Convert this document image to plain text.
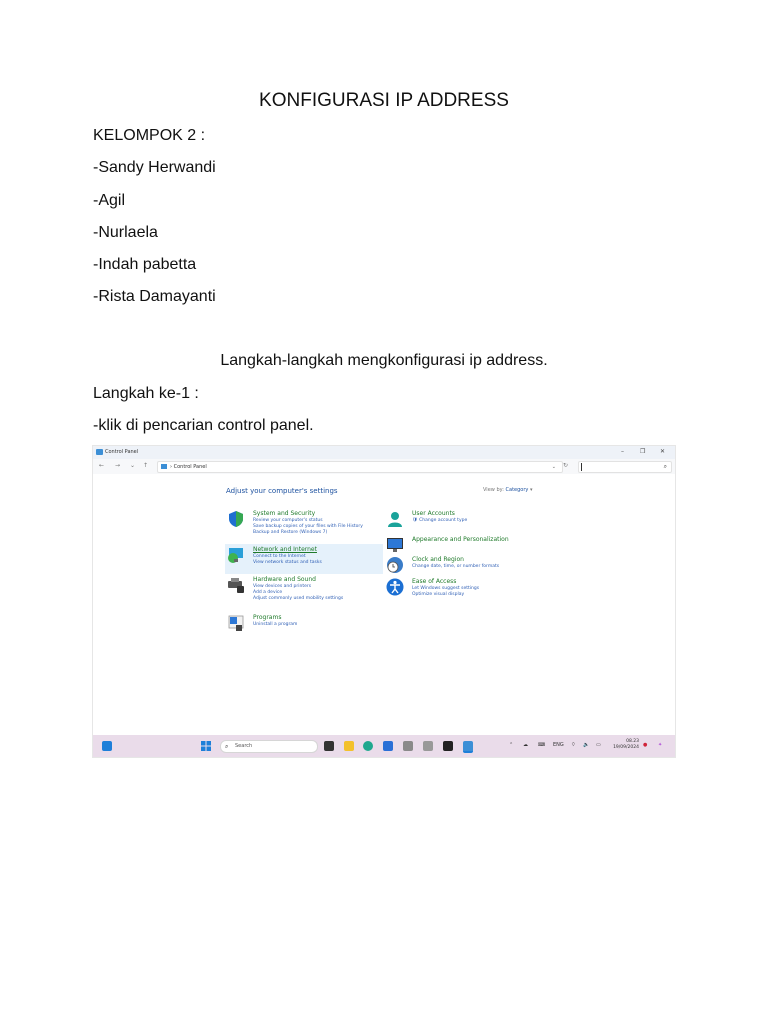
KONFIGURASI IP ADDRESS
KELOMPOK 2 :
-Sandy Herwandi
-Agil
-Nurlaela
-Indah pabetta
-Rista Damayanti
Langkah-langkah mengkonfigurasi ip address.
Langkah ke-1 :
-klik di pencarian control panel.
Control Panel	–	❐ ✕
← → ⌄ ↑	› Control Panel	⌄ ↻	⌕
Adjust your computer's settings	View by: Category ▾
System and Security
Review your computer's status
Save backup copies of your files with File History
Backup and Restore (Windows 7)
Network and Internet
Connect to the Internet
View network status and tasks
Hardware and Sound
View devices and printers
Add a device
Adjust commonly used mobility settings
Programs
Uninstall a program
User Accounts
🛡 Change account type
Appearance and Personalization
Clock and Region
Change date, time, or number formats
Ease of Access
Let Windows suggest settings
Optimize visual display
⌕ Search	⌃ ☁ ⌨ ENG ⌔ 🔈 ▭
08.23
19/09/2024 ● ✦
